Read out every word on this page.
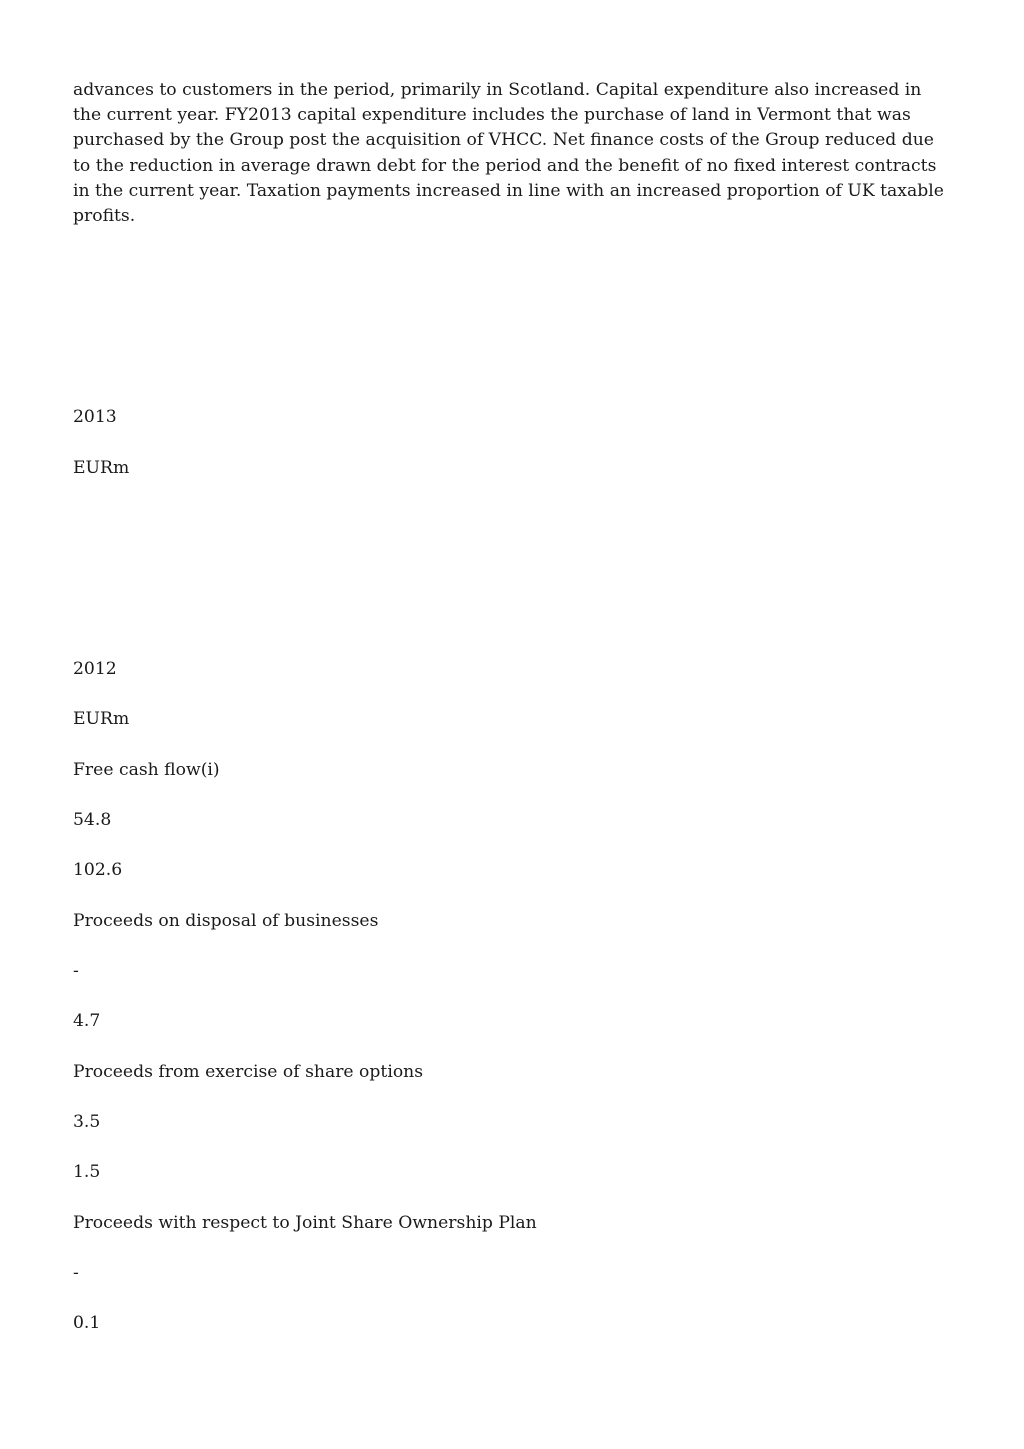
advances to customers in the period, primarily in Scotland. Capital expenditure also increased in the current year. FY2013 capital expenditure includes the purchase of land in Vermont that was purchased by the Group post the acquisition of VHCC. Net finance costs of the Group reduced due to the reduction in average drawn debt for the period and the benefit of no fixed interest contracts in the current year. Taxation payments increased in line with an increased proportion of UK taxable profits.

2013

EURm

2012

EURm

Free cash flow(i)

54.8

102.6

Proceeds on disposal of businesses

-

4.7

Proceeds from exercise of share options

3.5

1.5

Proceeds with respect to Joint Share Ownership Plan

-

0.1
